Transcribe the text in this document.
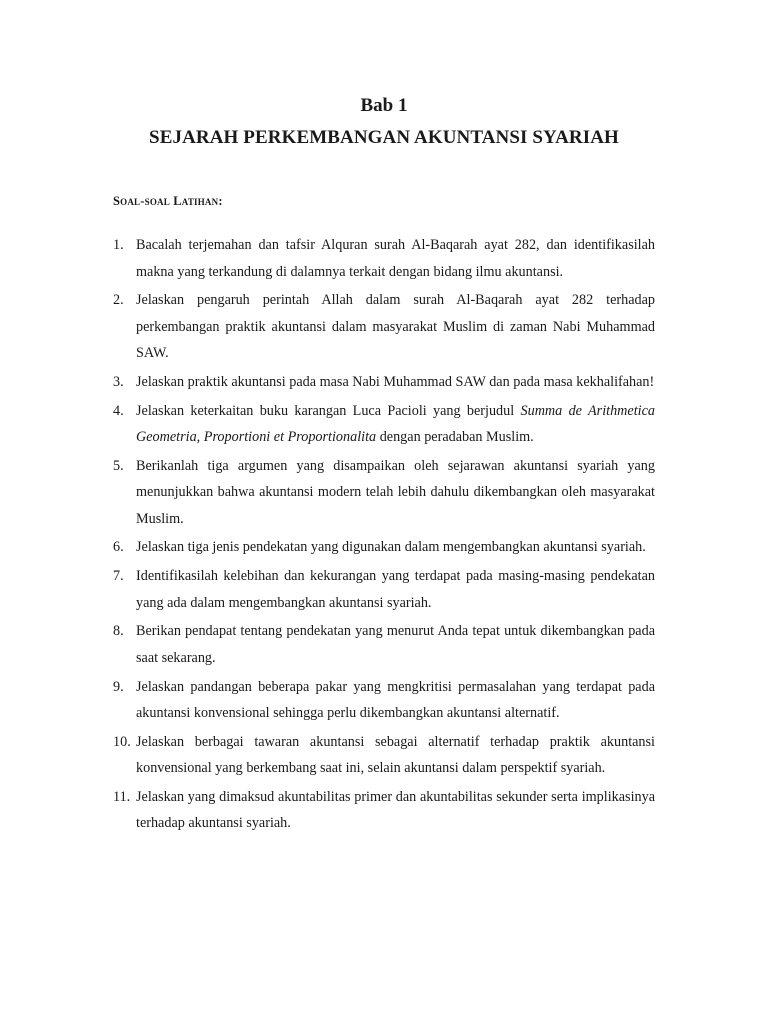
Bab 1
SEJARAH PERKEMBANGAN AKUNTANSI SYARIAH
Soal-soal Latihan:
1. Bacalah terjemahan dan tafsir Alquran surah Al-Baqarah ayat 282, dan identifikasilah makna yang terkandung di dalamnya terkait dengan bidang ilmu akuntansi.
2. Jelaskan pengaruh perintah Allah dalam surah Al-Baqarah ayat 282 terhadap perkembangan praktik akuntansi dalam masyarakat Muslim di zaman Nabi Muhammad SAW.
3. Jelaskan praktik akuntansi pada masa Nabi Muhammad SAW dan pada masa kekhalifahan!
4. Jelaskan keterkaitan buku karangan Luca Pacioli yang berjudul Summa de Arithmetica Geometria, Proportioni et Proportionalita dengan peradaban Muslim.
5. Berikanlah tiga argumen yang disampaikan oleh sejarawan akuntansi syariah yang menunjukkan bahwa akuntansi modern telah lebih dahulu dikembangkan oleh masyarakat Muslim.
6. Jelaskan tiga jenis pendekatan yang digunakan dalam mengembangkan akuntansi syariah.
7. Identifikasilah kelebihan dan kekurangan yang terdapat pada masing-masing pendekatan yang ada dalam mengembangkan akuntansi syariah.
8. Berikan pendapat tentang pendekatan yang menurut Anda tepat untuk dikembangkan pada saat sekarang.
9. Jelaskan pandangan beberapa pakar yang mengkritisi permasalahan yang terdapat pada akuntansi konvensional sehingga perlu dikembangkan akuntansi alternatif.
10. Jelaskan berbagai tawaran akuntansi sebagai alternatif terhadap praktik akuntansi konvensional yang berkembang saat ini, selain akuntansi dalam perspektif syariah.
11. Jelaskan yang dimaksud akuntabilitas primer dan akuntabilitas sekunder serta implikasinya terhadap akuntansi syariah.
